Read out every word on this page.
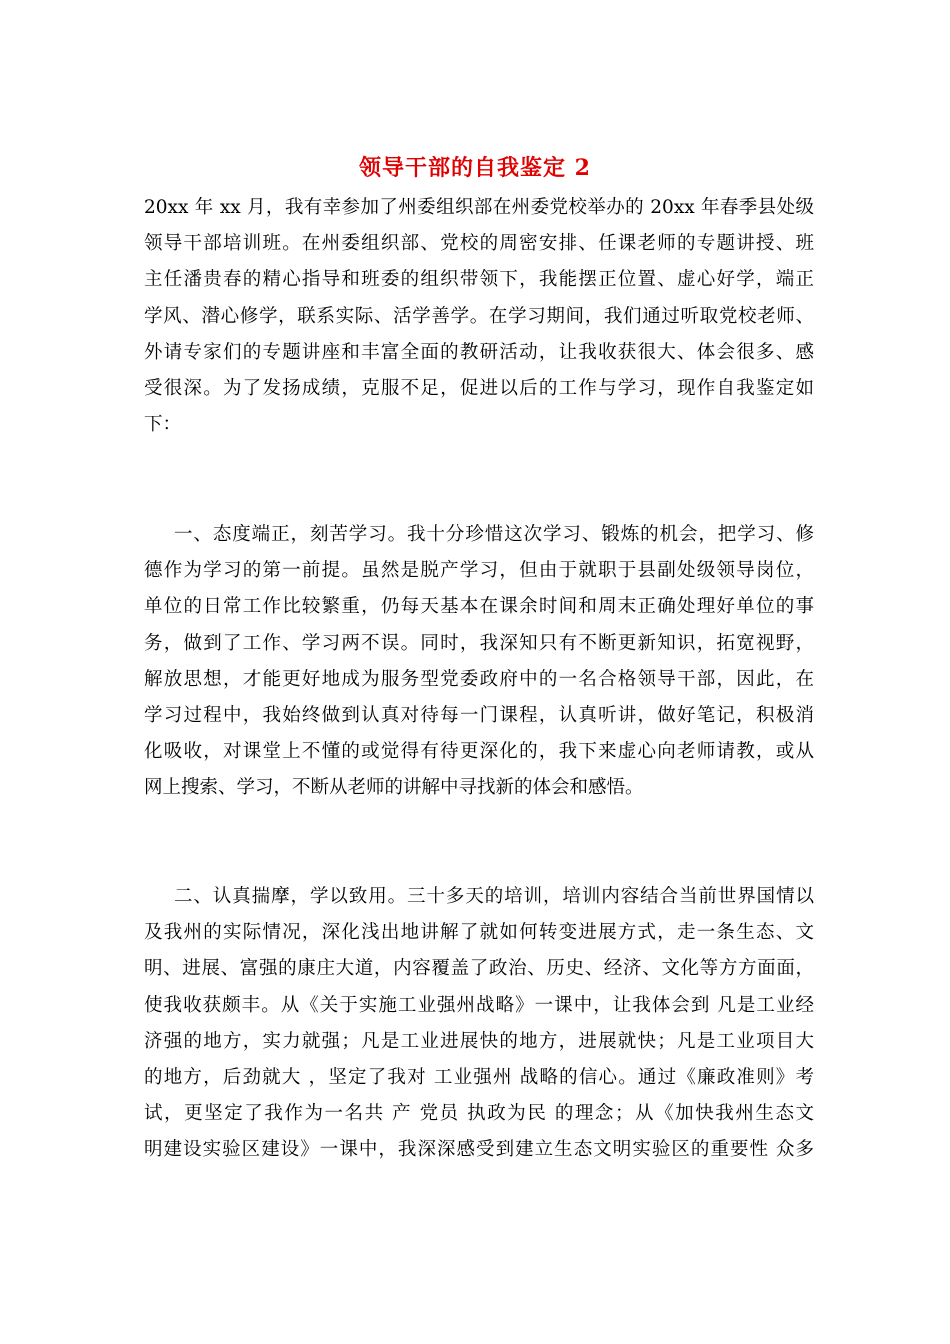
领导干部的自我鉴定 2
20xx 年 xx 月，我有幸参加了州委组织部在州委党校举办的 20xx 年春季县处级
领导干部培训班。在州委组织部、党校的周密安排、任课老师的专题讲授、班
主任潘贵春的精心指导和班委的组织带领下，我能摆正位置、虚心好学，端正
学风、潜心修学，联系实际、活学善学。在学习期间，我们通过听取党校老师、
外请专家们的专题讲座和丰富全面的教研活动，让我收获很大、体会很多、感
受很深。为了发扬成绩，克服不足，促进以后的工作与学习，现作自我鉴定如
下：
一、态度端正，刻苦学习。我十分珍惜这次学习、锻炼的机会，把学习、修
德作为学习的第一前提。虽然是脱产学习，但由于就职于县副处级领导岗位，
单位的日常工作比较繁重，仍每天基本在课余时间和周末正确处理好单位的事
务，做到了工作、学习两不误。同时，我深知只有不断更新知识，拓宽视野，
解放思想，才能更好地成为服务型党委政府中的一名合格领导干部，因此，在
学习过程中，我始终做到认真对待每一门课程，认真听讲，做好笔记，积极消
化吸收，对课堂上不懂的或觉得有待更深化的，我下来虚心向老师请教，或从
网上搜索、学习，不断从老师的讲解中寻找新的体会和感悟。
二、认真揣摩，学以致用。三十多天的培训，培训内容结合当前世界国情以
及我州的实际情况，深化浅出地讲解了就如何转变进展方式，走一条生态、文
明、进展、富强的康庄大道，内容覆盖了政治、历史、经济、文化等方方面面，
使我收获颇丰。从《关于实施工业强州战略》一课中，让我体会到 凡是工业经
济强的地方，实力就强；凡是工业进展快的地方，进展就快；凡是工业项目大
的地方，后劲就大 ，坚定了我对 工业强州 战略的信心。通过《廉政准则》考
试，更坚定了我作为一名共 产 党员 执政为民 的理念；从《加快我州生态文
明建设实验区建设》一课中，我深深感受到建立生态文明实验区的重要性 众多
